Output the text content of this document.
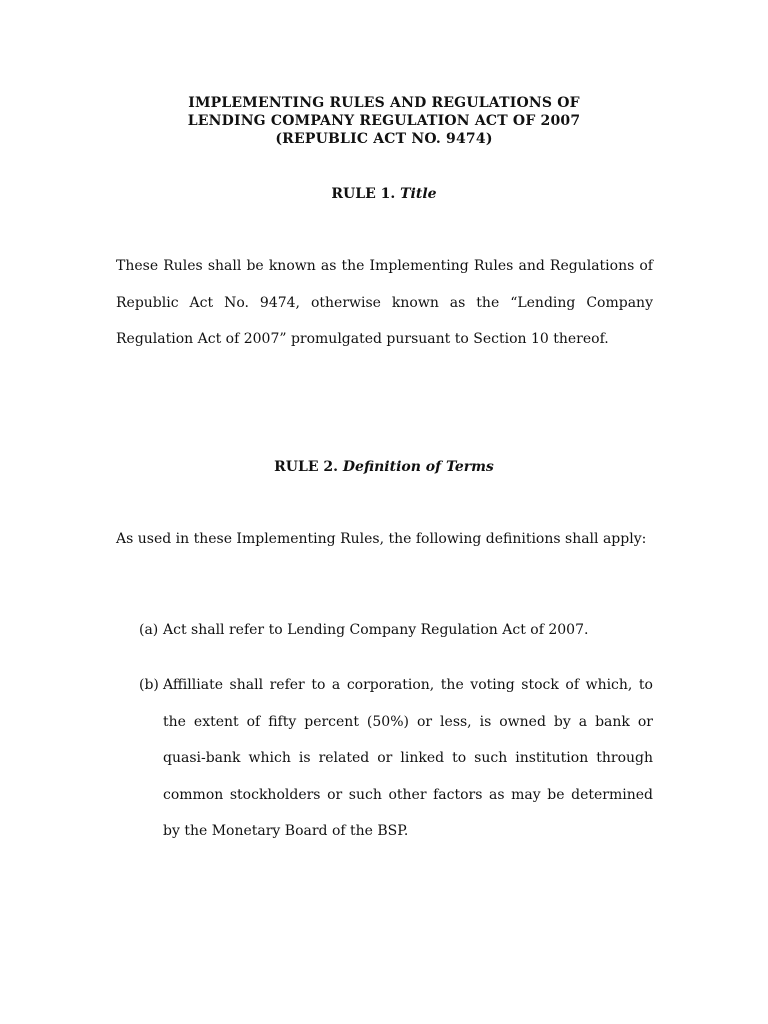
IMPLEMENTING RULES AND REGULATIONS OF
LENDING COMPANY REGULATION ACT OF 2007
(REPUBLIC ACT NO. 9474)
RULE 1. Title
These Rules shall be known as the Implementing Rules and Regulations of Republic Act No. 9474, otherwise known as the “Lending Company Regulation Act of 2007” promulgated pursuant to Section 10 thereof.
RULE 2. Definition of Terms
As used in these Implementing Rules, the following definitions shall apply:
(a) Act shall refer to Lending Company Regulation Act of 2007.
(b) Affilliate shall refer to a corporation, the voting stock of which, to the extent of fifty percent (50%) or less, is owned by a bank or quasi-bank which is related or linked to such institution through common stockholders or such other factors as may be determined by the Monetary Board of the BSP.
